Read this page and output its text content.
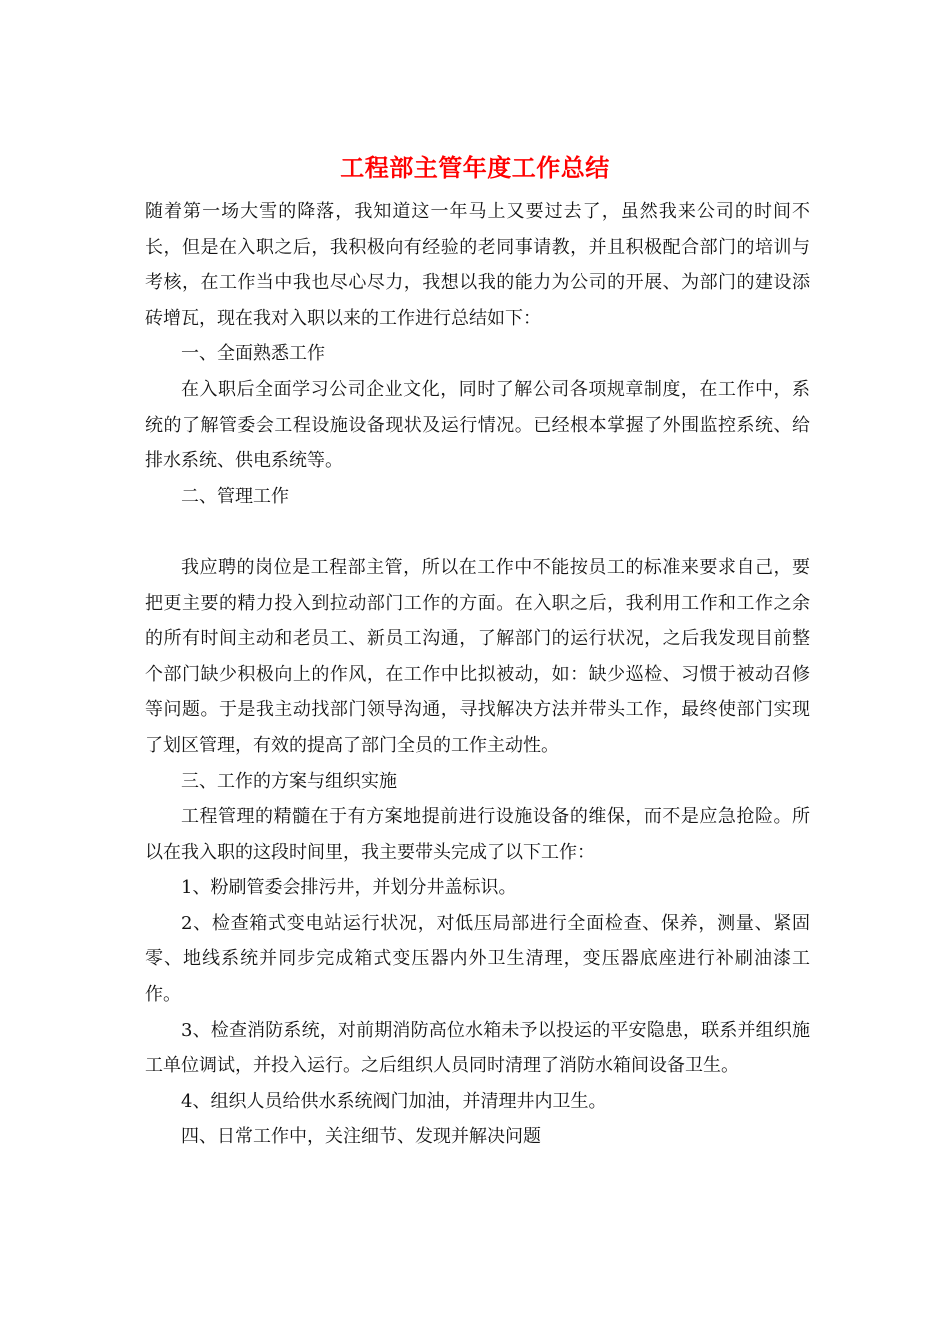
工程部主管年度工作总结

随着第一场大雪的降落，我知道这一年马上又要过去了，虽然我来公司的时间不长，但是在入职之后，我积极向有经验的老同事请教，并且积极配合部门的培训与考核，在工作当中我也尽心尽力，我想以我的能力为公司的开展、为部门的建设添砖增瓦，现在我对入职以来的工作进行总结如下：

一、全面熟悉工作

在入职后全面学习公司企业文化，同时了解公司各项规章制度，在工作中，系统的了解管委会工程设施设备现状及运行情况。已经根本掌握了外围监控系统、给排水系统、供电系统等。

二、管理工作

我应聘的岗位是工程部主管，所以在工作中不能按员工的标准来要求自己，要把更主要的精力投入到拉动部门工作的方面。在入职之后，我利用工作和工作之余的所有时间主动和老员工、新员工沟通，了解部门的运行状况，之后我发现目前整个部门缺少积极向上的作风，在工作中比拟被动，如：缺少巡检、习惯于被动召修等问题。于是我主动找部门领导沟通，寻找解决方法并带头工作，最终使部门实现了划区管理，有效的提高了部门全员的工作主动性。

三、工作的方案与组织实施

工程管理的精髓在于有方案地提前进行设施设备的维保，而不是应急抢险。所以在我入职的这段时间里，我主要带头完成了以下工作：

1、粉刷管委会排污井，并划分井盖标识。

2、检查箱式变电站运行状况，对低压局部进行全面检查、保养，测量、紧固零、地线系统并同步完成箱式变压器内外卫生清理，变压器底座进行补刷油漆工作。

3、检查消防系统，对前期消防高位水箱未予以投运的平安隐患，联系并组织施工单位调试，并投入运行。之后组织人员同时清理了消防水箱间设备卫生。

4、组织人员给供水系统阀门加油，并清理井内卫生。

四、日常工作中，关注细节、发现并解决问题
